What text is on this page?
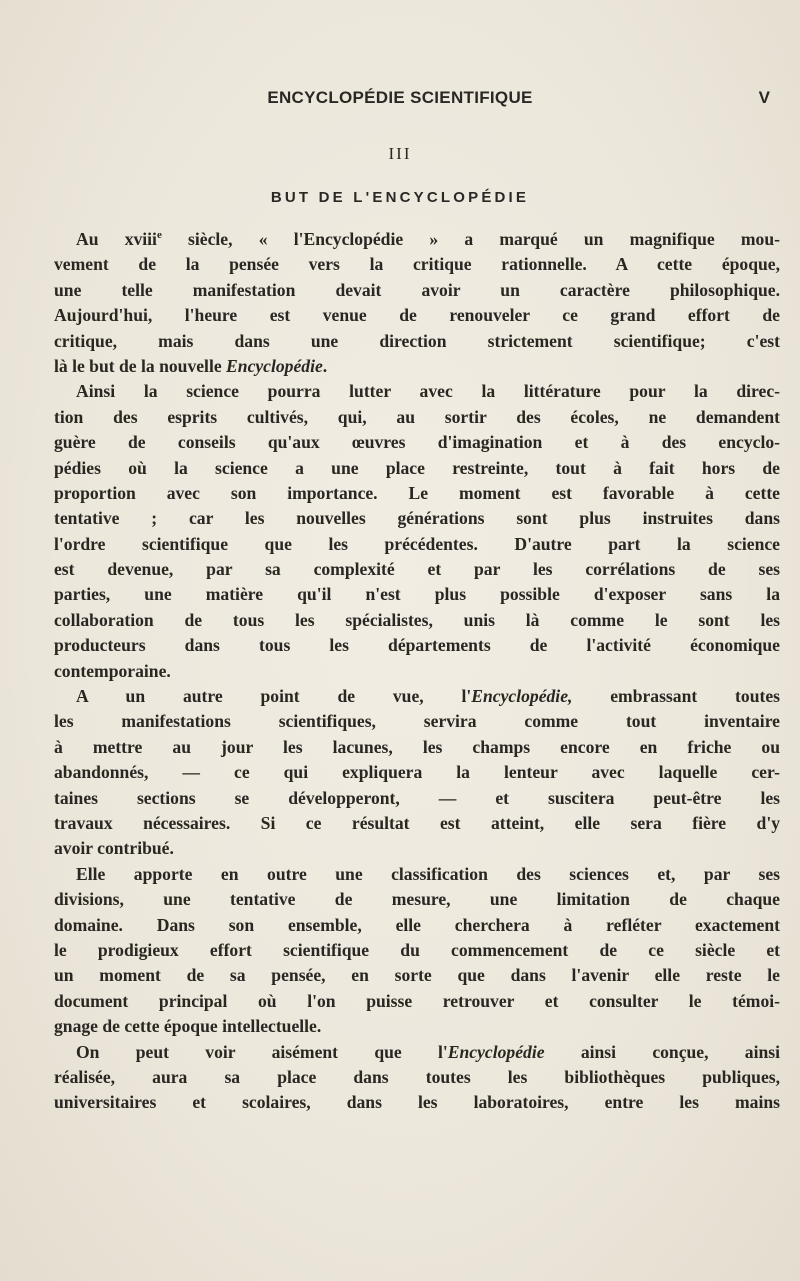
ENCYCLOPÉDIE SCIENTIFIQUE	V
III
BUT DE L'ENCYCLOPÉDIE
Au xviii$^e$ siècle, « l'Encyclopédie » a marqué un magnifique mou-
vement de la pensée vers la critique rationnelle. A cette époque,
une telle manifestation devait avoir un caractère philosophique.
Aujourd'hui, l'heure est venue de renouveler ce grand effort de
critique, mais dans une direction strictement scientifique; c'est
là le but de la nouvelle Encyclopédie.
Ainsi la science pourra lutter avec la littérature pour la direc-
tion des esprits cultivés, qui, au sortir des écoles, ne demandent
guère de conseils qu'aux œuvres d'imagination et à des encyclo-
pédies où la science a une place restreinte, tout à fait hors de
proportion avec son importance. Le moment est favorable à cette
tentative ; car les nouvelles générations sont plus instruites dans
l'ordre scientifique que les précédentes. D'autre part la science
est devenue, par sa complexité et par les corrélations de ses
parties, une matière qu'il n'est plus possible d'exposer sans la
collaboration de tous les spécialistes, unis là comme le sont les
producteurs dans tous les départements de l'activité économique
contemporaine.
A un autre point de vue, l'Encyclopédie, embrassant toutes
les manifestations scientifiques, servira comme tout inventaire
à mettre au jour les lacunes, les champs encore en friche ou
abandonnés, — ce qui expliquera la lenteur avec laquelle cer-
taines sections se développeront, — et suscitera peut-être les
travaux nécessaires. Si ce résultat est atteint, elle sera fière d'y
avoir contribué.
Elle apporte en outre une classification des sciences et, par ses
divisions, une tentative de mesure, une limitation de chaque
domaine. Dans son ensemble, elle cherchera à refléter exactement
le prodigieux effort scientifique du commencement de ce siècle et
un moment de sa pensée, en sorte que dans l'avenir elle reste le
document principal où l'on puisse retrouver et consulter le témoi-
gnage de cette époque intellectuelle.
On peut voir aisément que l'Encyclopédie ainsi conçue, ainsi
réalisée, aura sa place dans toutes les bibliothèques publiques,
universitaires et scolaires, dans les laboratoires, entre les mains
